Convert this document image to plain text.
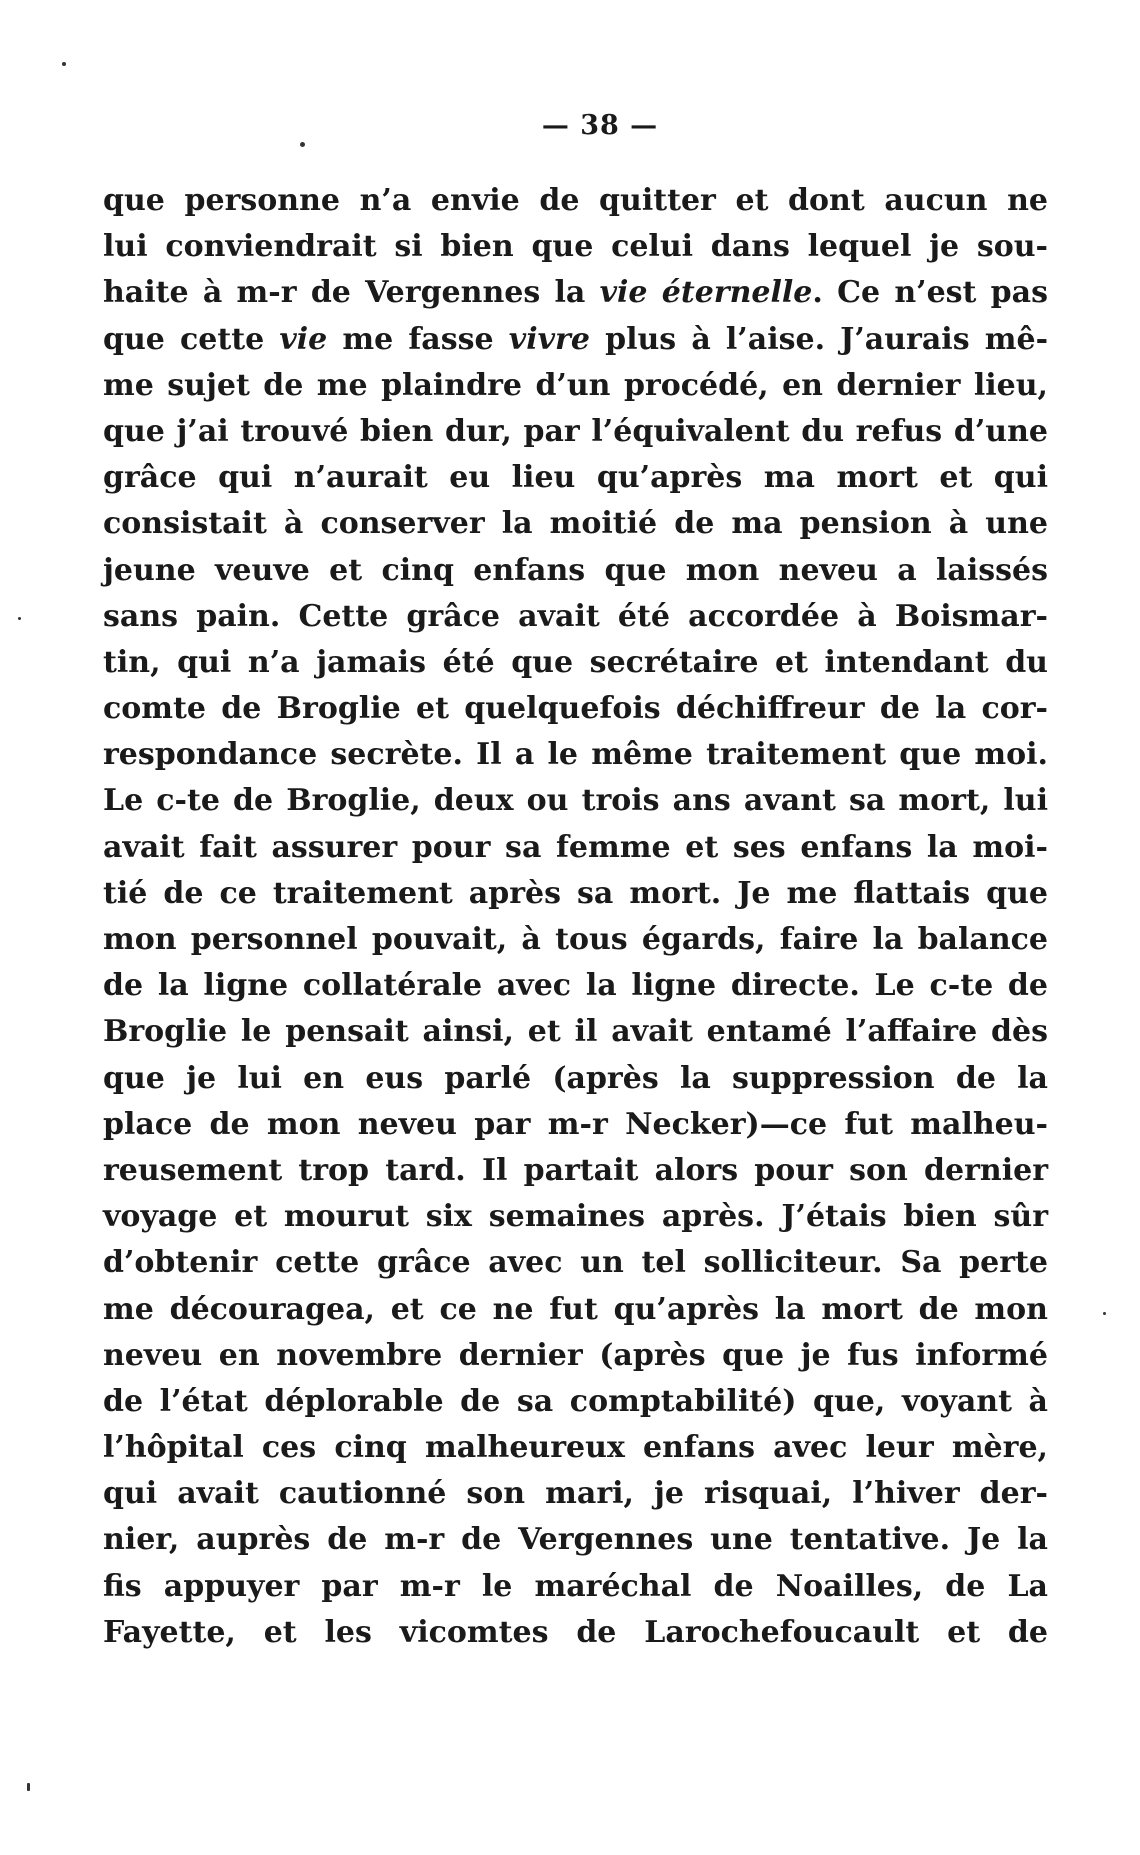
— 38 —
que personne n’a envie de quitter et dont aucun ne
lui conviendrait si bien que celui dans lequel je sou-
haite à m-r de Vergennes la vie éternelle. Ce n’est pas
que cette vie me fasse vivre plus à l’aise. J’aurais mê-
me sujet de me plaindre d’un procédé, en dernier lieu,
que j’ai trouvé bien dur, par l’équivalent du refus d’une
grâce qui n’aurait eu lieu qu’après ma mort et qui
consistait à conserver la moitié de ma pension à une
jeune veuve et cinq enfans que mon neveu a laissés
sans pain. Cette grâce avait été accordée à Boismar-
tin, qui n’a jamais été que secrétaire et intendant du
comte de Broglie et quelquefois déchiffreur de la cor-
respondance secrète. Il a le même traitement que moi.
Le c-te de Broglie, deux ou trois ans avant sa mort, lui
avait fait assurer pour sa femme et ses enfans la moi-
tié de ce traitement après sa mort. Je me flattais que
mon personnel pouvait, à tous égards, faire la balance
de la ligne collatérale avec la ligne directe. Le c-te de
Broglie le pensait ainsi, et il avait entamé l’affaire dès
que je lui en eus parlé (après la suppression de la
place de mon neveu par m-r Necker)—ce fut malheu-
reusement trop tard. Il partait alors pour son dernier
voyage et mourut six semaines après. J’étais bien sûr
d’obtenir cette grâce avec un tel solliciteur. Sa perte
me découragea, et ce ne fut qu’après la mort de mon
neveu en novembre dernier (après que je fus informé
de l’état déplorable de sa comptabilité) que, voyant à
l’hôpital ces cinq malheureux enfans avec leur mère,
qui avait cautionné son mari, je risquai, l’hiver der-
nier, auprès de m-r de Vergennes une tentative. Je la
fis appuyer par m-r le maréchal de Noailles, de La
Fayette, et les vicomtes de Larochefoucault et de
